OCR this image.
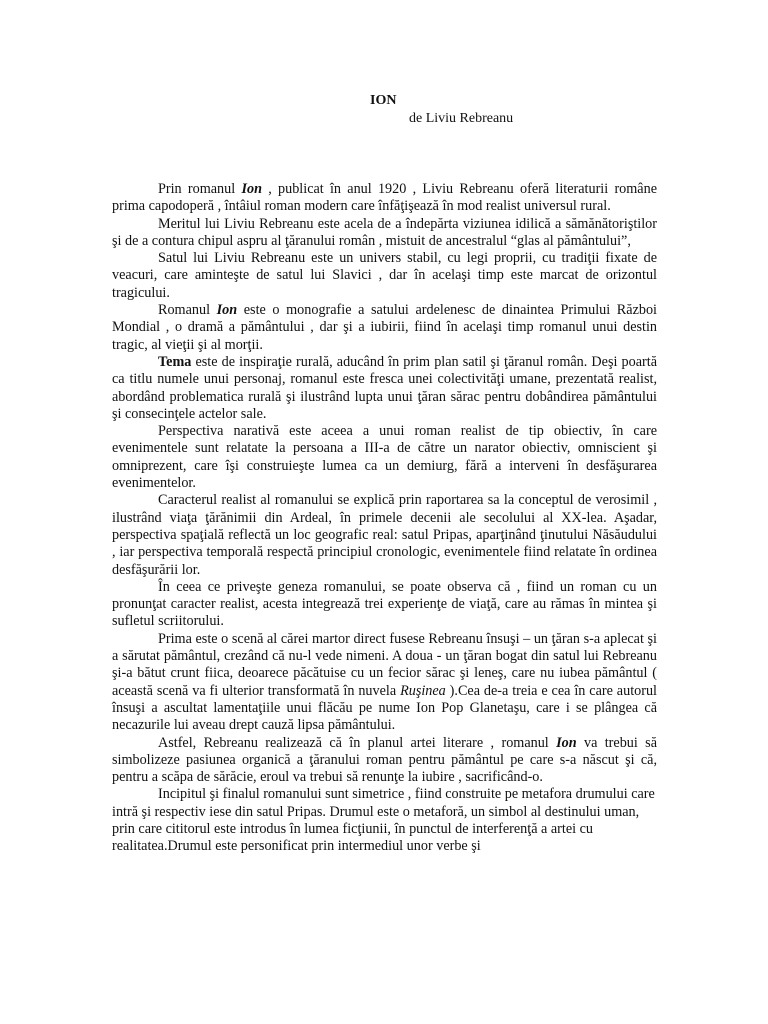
ION
de Liviu Rebreanu

Prin romanul Ion , publicat în anul 1920 , Liviu Rebreanu oferă literaturii române prima capodoperă , întâiul roman modern care înfăţişează în mod realist universul rural.

Meritul lui Liviu Rebreanu este acela de a îndepărta viziunea idilică a sămănătoriştilor şi de a contura chipul aspru al ţăranului român , mistuit de ancestralul “glas al pământului”,

Satul lui Liviu Rebreanu este un univers stabil, cu legi proprii, cu tradiţii fixate de veacuri, care aminteşte de satul lui Slavici , dar în acelaşi timp este marcat de orizontul tragicului.

Romanul Ion este o monografie a satului ardelenesc de dinaintea Primului Război Mondial , o dramă a pământului , dar şi a iubirii, fiind în acelaşi timp romanul unui destin tragic, al vieţii şi al morţii.

Tema este de inspiraţie rurală, aducând în prim plan satil şi ţăranul român. Deşi poartă ca titlu numele unui personaj, romanul este fresca unei colectivităţi umane, prezentată realist, abordând problematica rurală şi ilustrând lupta unui ţăran sărac pentru dobândirea pământului şi consecinţele actelor sale.

Perspectiva narativă este aceea a unui roman realist de tip obiectiv, în care evenimentele sunt relatate la persoana a III-a de către un narator obiectiv, omniscient şi omniprezent, care îşi construieşte lumea ca un demiurg, fără a interveni în desfăşurarea evenimentelor.

Caracterul realist al romanului se explică prin raportarea sa la conceptul de verosimil , ilustrând viaţa ţărănimii din Ardeal, în primele decenii ale secolului al XX-lea. Aşadar, perspectiva spaţială reflectă un loc geografic real: satul Pripas, aparţinând ţinutului Năsăudului , iar perspectiva temporală respectă principiul cronologic, evenimentele fiind relatate în ordinea desfăşurării lor.

În ceea ce priveşte geneza romanului, se poate observa că , fiind un roman cu un pronunţat caracter realist, acesta integrează trei experienţe de viaţă, care au rămas în mintea şi sufletul scriitorului.

Prima este o scenă al cărei martor direct fusese Rebreanu însuşi – un ţăran s-a aplecat şi a sărutat pământul, crezând că nu-l vede nimeni. A doua - un ţăran bogat din satul lui Rebreanu şi-a bătut crunt fiica, deoarece păcătuise cu un fecior sărac şi leneş, care nu iubea pământul ( această scenă va fi ulterior transformată în nuvela Ruşinea ).Cea de-a treia e cea în care autorul însuşi a ascultat lamentaţiile unui flăcău pe nume Ion Pop Glanetaşu, care i se plângea că necazurile lui aveau drept cauză lipsa pământului.

Astfel, Rebreanu realizează că în planul artei literare , romanul Ion va trebui să simbolizeze pasiunea organică a ţăranului roman pentru pământul pe care s-a născut şi că, pentru a scăpa de sărăcie, eroul va trebui să renunţe la iubire , sacrificând-o.

Incipitul şi finalul romanului sunt simetrice , fiind construite pe metafora drumului care intră şi respectiv iese din satul Pripas. Drumul este o metaforă, un simbol al destinului uman, prin care cititorul este introdus în lumea ficţiunii, în punctul de interferenţă a artei cu realitatea.Drumul este personificat prin intermediul unor verbe şi
